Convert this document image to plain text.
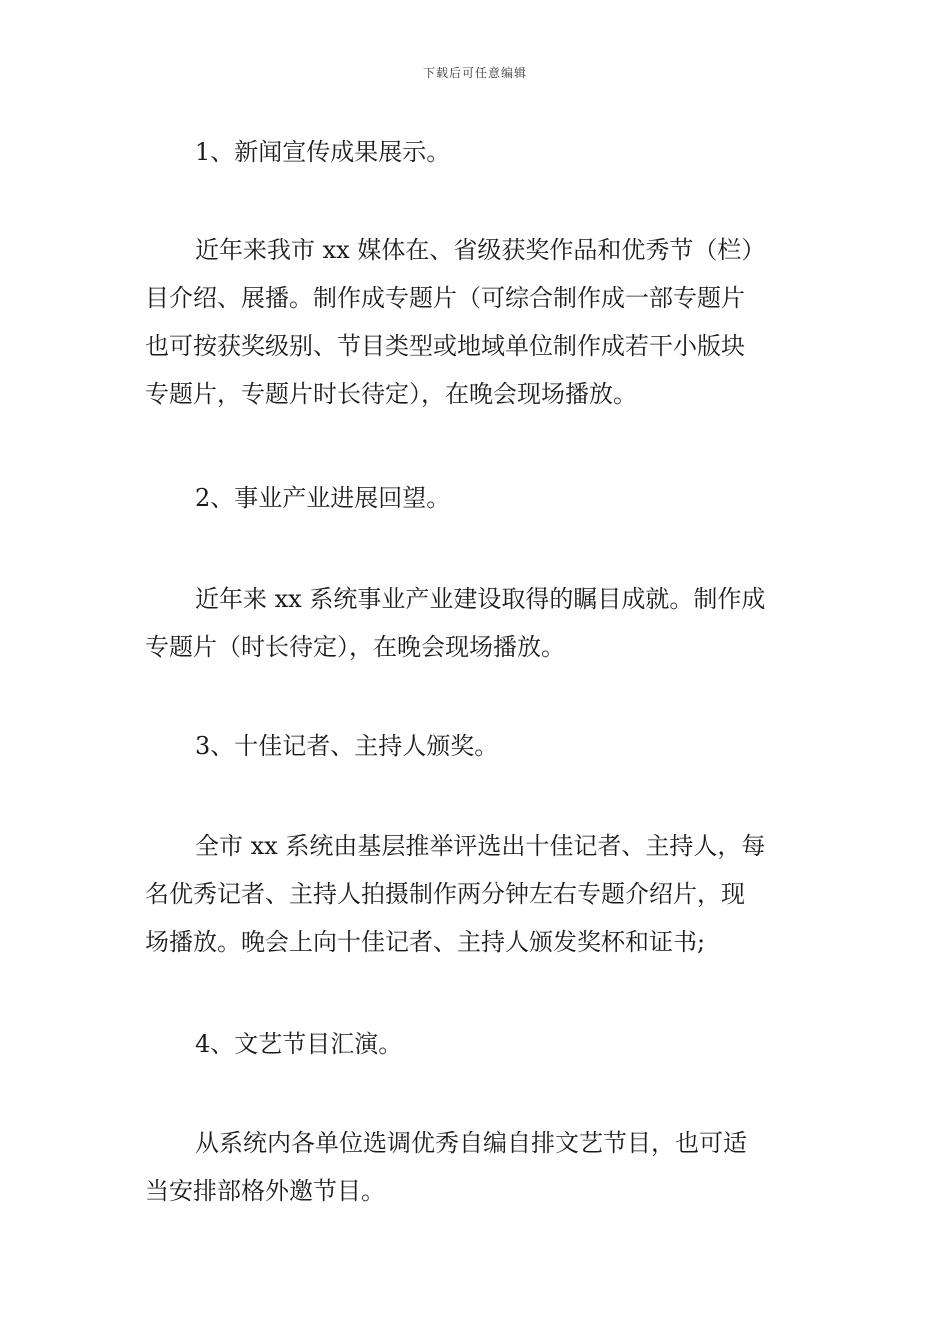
下载后可任意编辑
1、新闻宣传成果展示。
近年来我市 xx 媒体在、省级获奖作品和优秀节（栏）
目介绍、展播。制作成专题片（可综合制作成一部专题片
也可按获奖级别、节目类型或地域单位制作成若干小版块
专题片，专题片时长待定），在晚会现场播放。
2、事业产业进展回望。
近年来 xx 系统事业产业建设取得的瞩目成就。制作成
专题片（时长待定），在晚会现场播放。
3、十佳记者、主持人颁奖。
全市 xx 系统由基层推举评选出十佳记者、主持人，每
名优秀记者、主持人拍摄制作两分钟左右专题介绍片，现
场播放。晚会上向十佳记者、主持人颁发奖杯和证书;
4、文艺节目汇演。
从系统内各单位选调优秀自编自排文艺节目，也可适
当安排部格外邀节目。
